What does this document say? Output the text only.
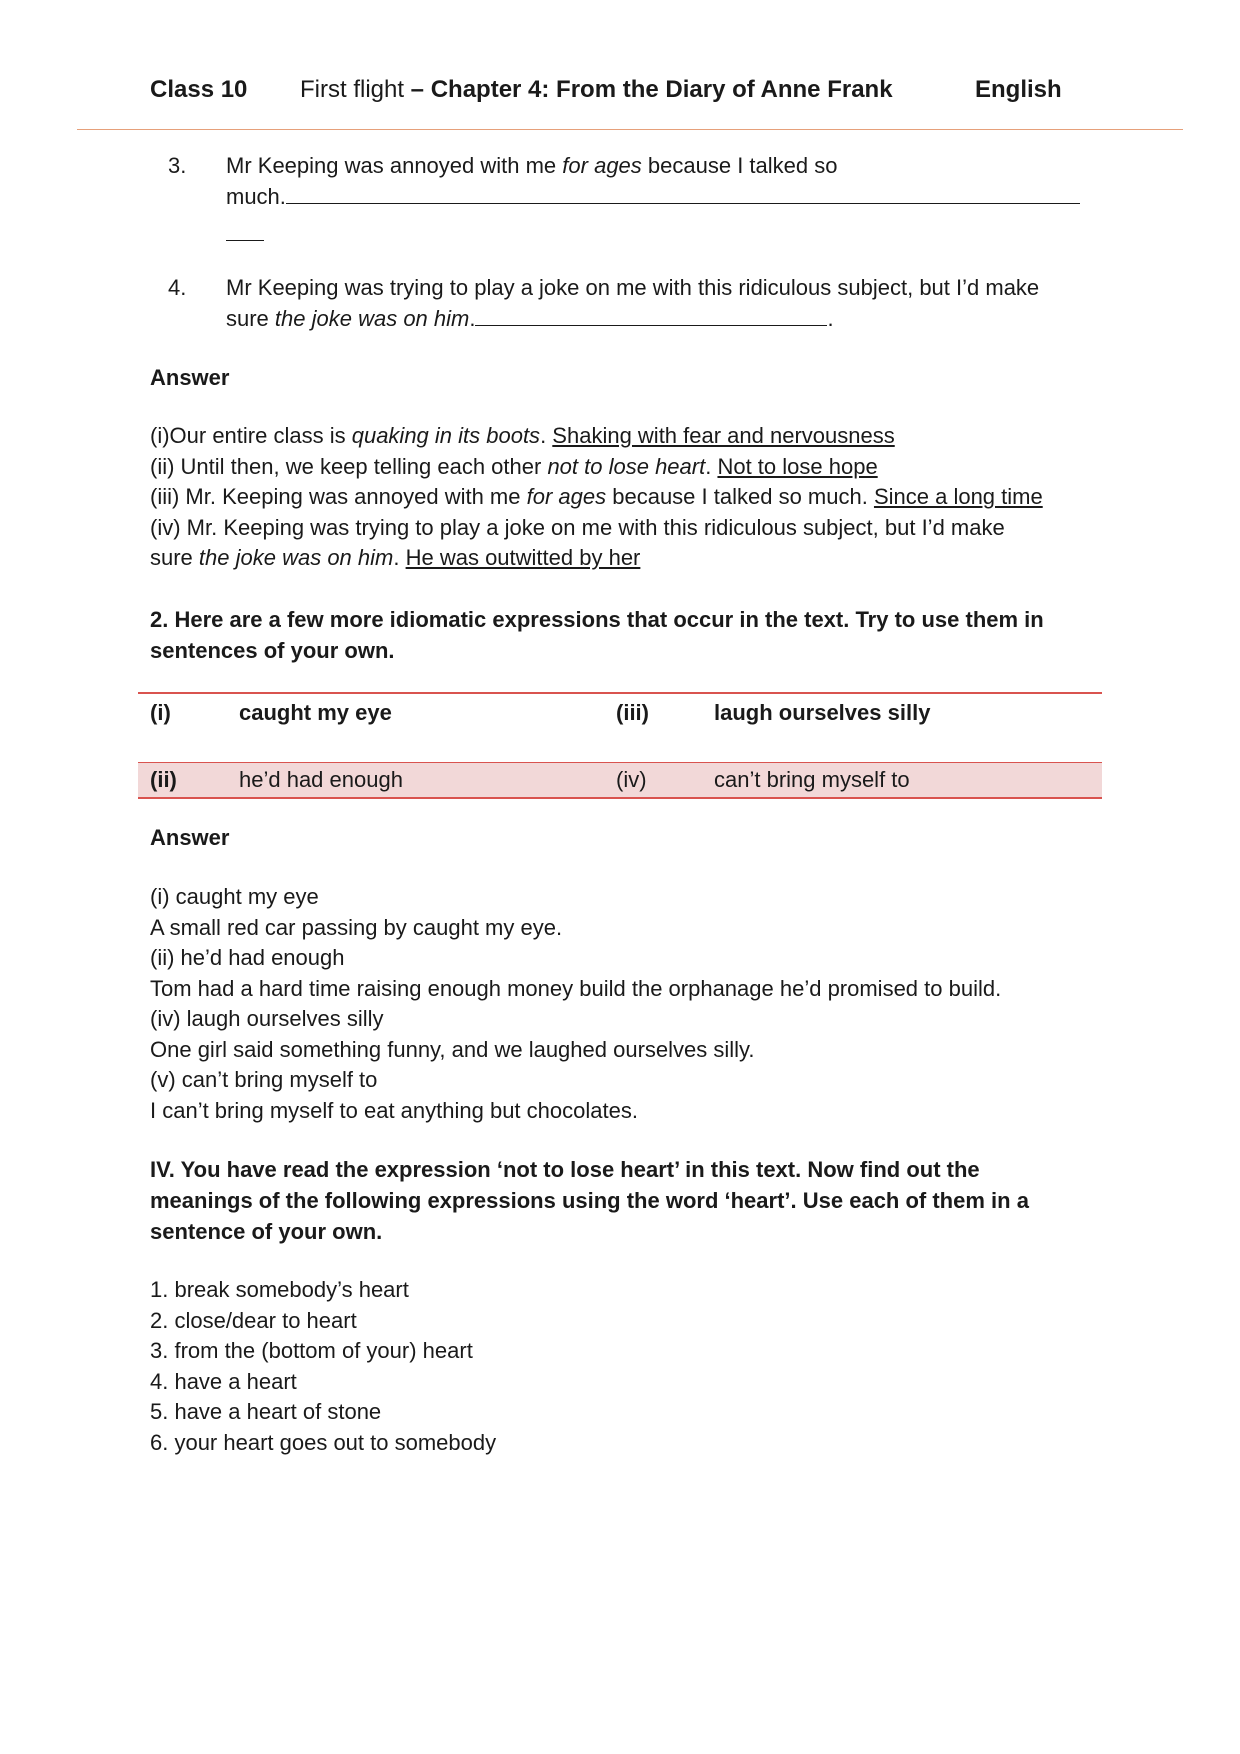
Class 10 First flight – Chapter 4: From the Diary of Anne Frank	English
3. Mr Keeping was annoyed with me for ages because I talked so
much.
4. Mr Keeping was trying to play a joke on me with this ridiculous subject, but I’d make
sure the joke was on him.	.
Answer
(i)Our entire class is quaking in its boots. Shaking with fear and nervousness
(ii) Until then, we keep telling each other not to lose heart. Not to lose hope
(iii) Mr. Keeping was annoyed with me for ages because I talked so much. Since a long time
(iv) Mr. Keeping was trying to play a joke on me with this ridiculous subject, but I’d make
sure the joke was on him. He was outwitted by her
2. Here are a few more idiomatic expressions that occur in the text. Try to use them in
sentences of your own.
(i)	caught my eye	(iii)	laugh ourselves silly
(ii)	he’d had enough	(iv)	can’t bring myself to
Answer
(i) caught my eye
A small red car passing by caught my eye.
(ii) he’d had enough
Tom had a hard time raising enough money build the orphanage he’d promised to build.
(iv) laugh ourselves silly
One girl said something funny, and we laughed ourselves silly.
(v) can’t bring myself to
I can’t bring myself to eat anything but chocolates.
IV. You have read the expression ‘not to lose heart’ in this text. Now find out the
meanings of the following expressions using the word ‘heart’. Use each of them in a
sentence of your own.
1. break somebody’s heart
2. close/dear to heart
3. from the (bottom of your) heart
4. have a heart
5. have a heart of stone
6. your heart goes out to somebody
